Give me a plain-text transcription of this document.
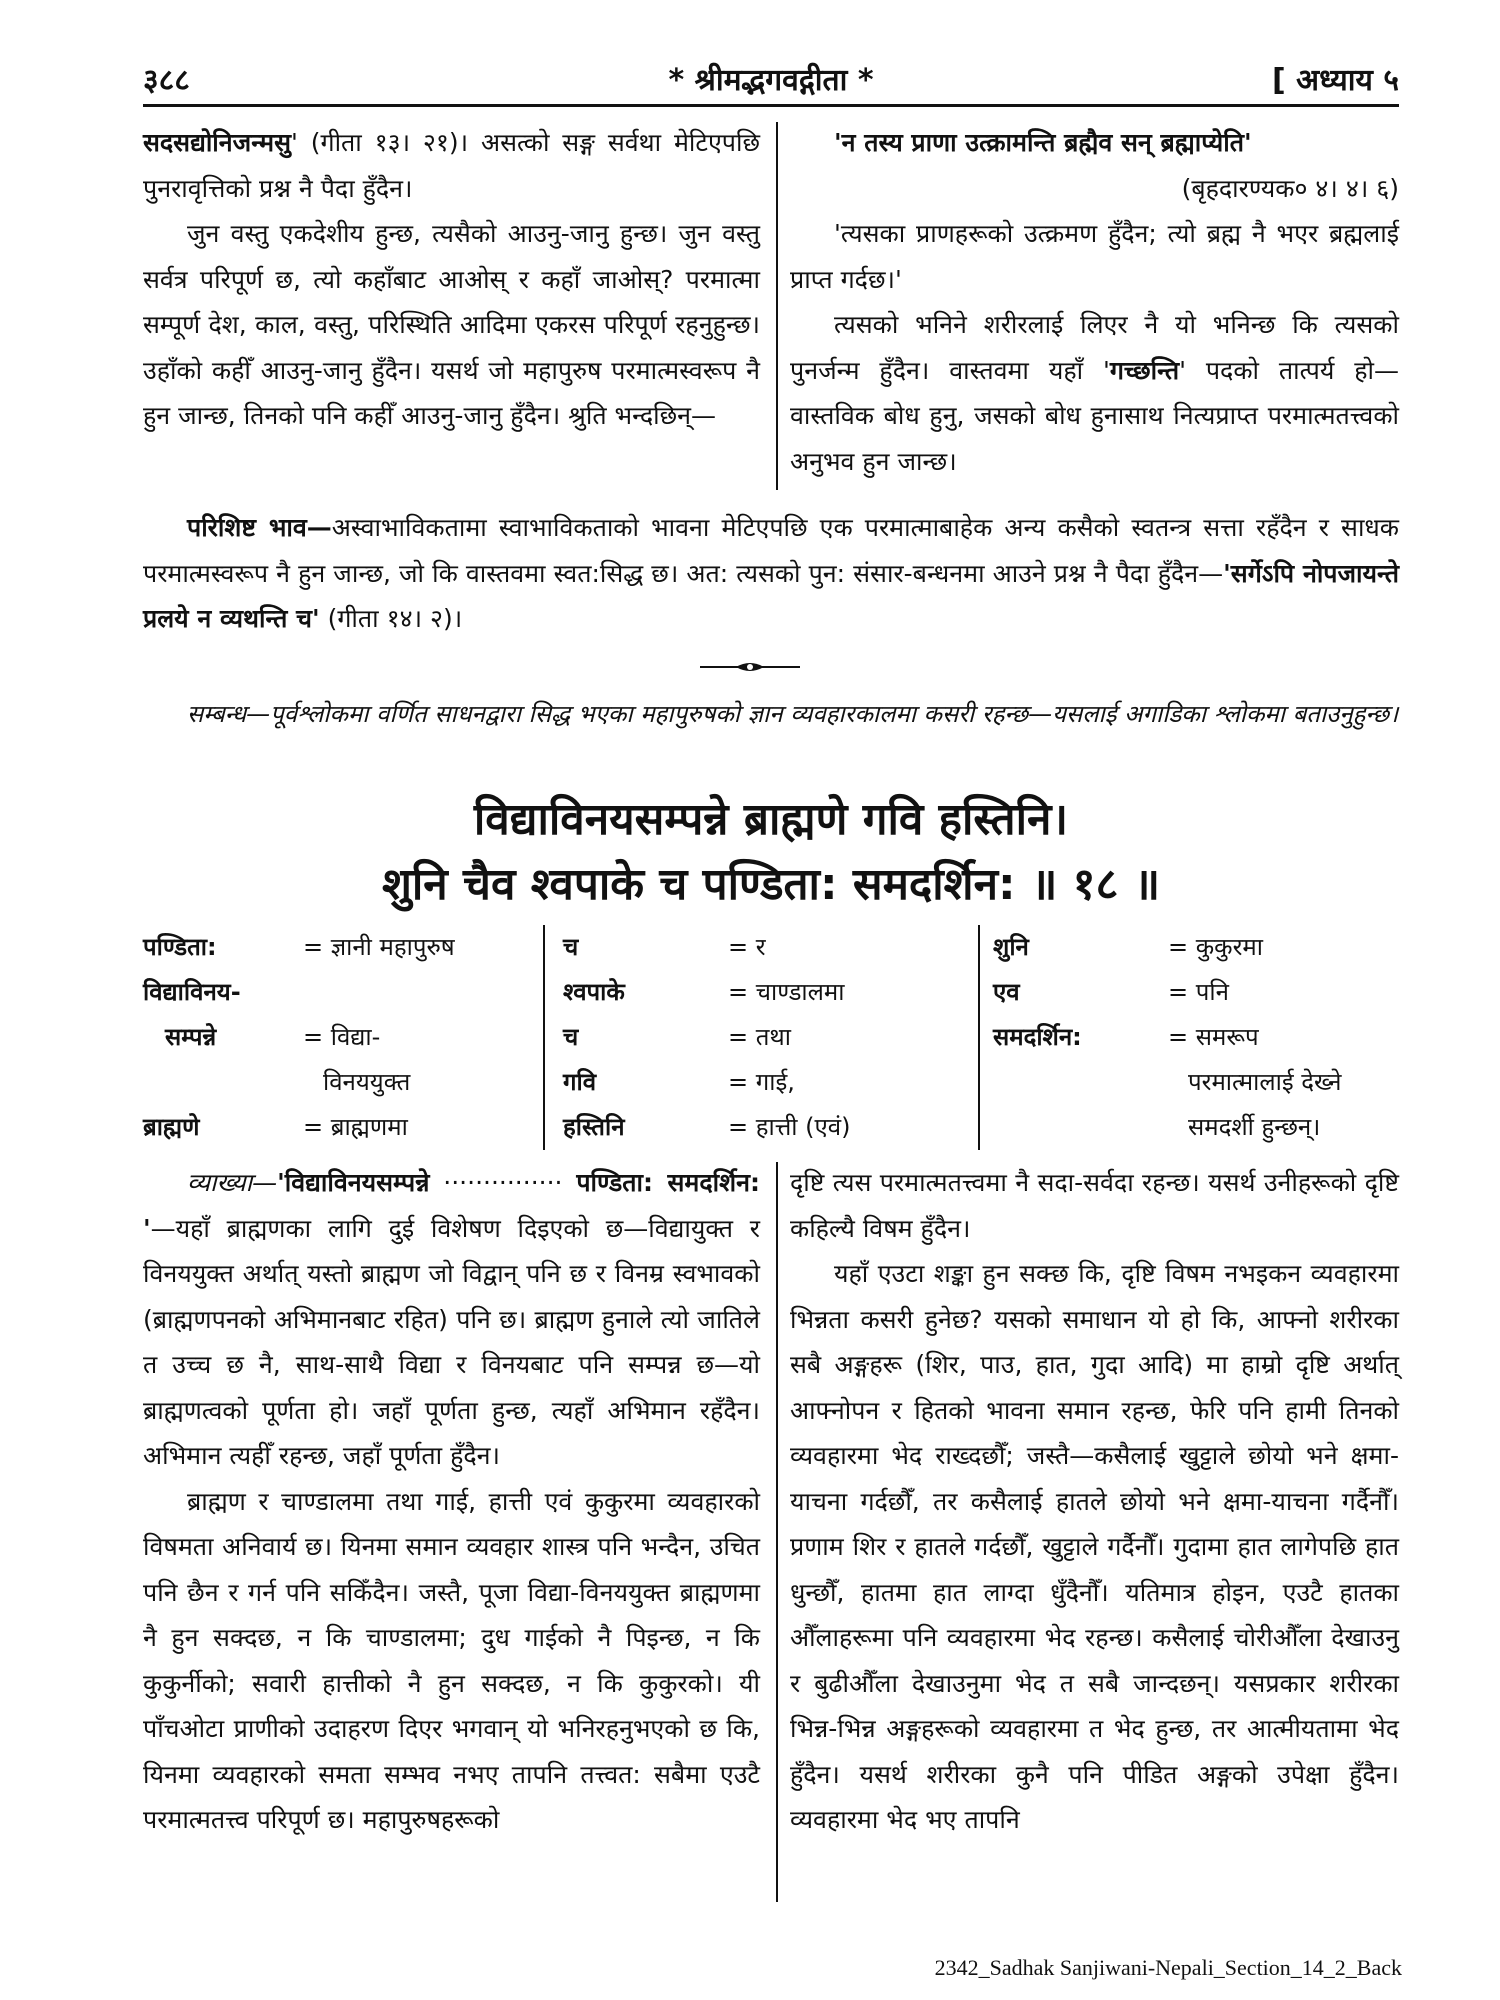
३८८	* श्रीमद्भगवद्गीता *	[ अध्याय ५

सदसद्योनिजन्मसु' (गीता १३। २१)। असत्को सङ्ग सर्वथा मेटिएपछि पुनरावृत्तिको प्रश्न नै पैदा हुँदैन।

जुन वस्तु एकदेशीय हुन्छ, त्यसैको आउनु-जानु हुन्छ। जुन वस्तु सर्वत्र परिपूर्ण छ, त्यो कहाँबाट आओस् र कहाँ जाओस्? परमात्मा सम्पूर्ण देश, काल, वस्तु, परिस्थिति आदिमा एकरस परिपूर्ण रहनुहुन्छ। उहाँको कहीँ आउनु-जानु हुँदैन। यसर्थ जो महापुरुष परमात्मस्वरूप नै हुन जान्छ, तिनको पनि कहीँ आउनु-जानु हुँदैन। श्रुति भन्दछिन्—

'न तस्य प्राणा उत्क्रामन्ति ब्रह्मैव सन् ब्रह्माप्येति'

(बृहदारण्यक० ४। ४। ६)

'त्यसका प्राणहरूको उत्क्रमण हुँदैन; त्यो ब्रह्म नै भएर ब्रह्मलाई प्राप्त गर्दछ।'

त्यसको भनिने शरीरलाई लिएर नै यो भनिन्छ कि त्यसको पुनर्जन्म हुँदैन। वास्तवमा यहाँ 'गच्छन्ति' पदको तात्पर्य हो—वास्तविक बोध हुनु, जसको बोध हुनासाथ नित्यप्राप्त परमात्मतत्त्वको अनुभव हुन जान्छ।

परिशिष्ट भाव—अस्वाभाविकतामा स्वाभाविकताको भावना मेटिएपछि एक परमात्माबाहेक अन्य कसैको स्वतन्त्र सत्ता रहँदैन र साधक परमात्मस्वरूप नै हुन जान्छ, जो कि वास्तवमा स्वत:सिद्ध छ। अत: त्यसको पुन: संसार-बन्धनमा आउने प्रश्न नै पैदा हुँदैन—'सर्गेऽपि नोपजायन्ते प्रलये न व्यथन्ति च' (गीता १४। २)।

सम्बन्ध—पूर्वश्लोकमा वर्णित साधनद्वारा सिद्ध भएका महापुरुषको ज्ञान व्यवहारकालमा कसरी रहन्छ—यसलाई अगाडिका श्लोकमा बताउनुहुन्छ।

विद्याविनयसम्पन्ने ब्राह्मणे गवि हस्तिनि।
शुनि चैव श्वपाके च पण्डिता: समदर्शिन: ॥ १८ ॥
पण्डिता:	= ज्ञानी महापुरुष
विद्याविनय-
सम्पन्ने	= विद्या-
विनययुक्त
ब्राह्मणे	= ब्राह्मणमा
च	= र
श्वपाके	= चाण्डालमा
च	= तथा
गवि	= गाई,
हस्तिनि	= हात्ती (एवं)
शुनि	= कुकुरमा
एव	= पनि
समदर्शिन:	= समरूप
परमात्मालाई देख्ने
समदर्शी हुन्छन्।

व्याख्या—'विद्याविनयसम्पन्ने ··············· पण्डिता: समदर्शिन: '—यहाँ ब्राह्मणका लागि दुई विशेषण दिइएको छ—विद्यायुक्त र विनययुक्त अर्थात् यस्तो ब्राह्मण जो विद्वान् पनि छ र विनम्र स्वभावको (ब्राह्मणपनको अभिमानबाट रहित) पनि छ। ब्राह्मण हुनाले त्यो जातिले त उच्च छ नै, साथ-साथै विद्या र विनयबाट पनि सम्पन्न छ—यो ब्राह्मणत्वको पूर्णता हो। जहाँ पूर्णता हुन्छ, त्यहाँ अभिमान रहँदैन। अभिमान त्यहीँ रहन्छ, जहाँ पूर्णता हुँदैन।

ब्राह्मण र चाण्डालमा तथा गाई, हात्ती एवं कुकुरमा व्यवहारको विषमता अनिवार्य छ। यिनमा समान व्यवहार शास्त्र पनि भन्दैन, उचित पनि छैन र गर्न पनि सकिँदैन। जस्तै, पूजा विद्या-विनययुक्त ब्राह्मणमा नै हुन सक्दछ, न कि चाण्डालमा; दुध गाईको नै पिइन्छ, न कि कुकुर्नीको; सवारी हात्तीको नै हुन सक्दछ, न कि कुकुरको। यी पाँचओटा प्राणीको उदाहरण दिएर भगवान् यो भनिरहनुभएको छ कि, यिनमा व्यवहारको समता सम्भव नभए तापनि तत्त्वत: सबैमा एउटै परमात्मतत्त्व परिपूर्ण छ। महापुरुषहरूको

दृष्टि त्यस परमात्मतत्त्वमा नै सदा-सर्वदा रहन्छ। यसर्थ उनीहरूको दृष्टि कहिल्यै विषम हुँदैन।

यहाँ एउटा शङ्का हुन सक्छ कि, दृष्टि विषम नभइकन व्यवहारमा भिन्नता कसरी हुनेछ? यसको समाधान यो हो कि, आफ्नो शरीरका सबै अङ्गहरू (शिर, पाउ, हात, गुदा आदि) मा हाम्रो दृष्टि अर्थात् आफ्नोपन र हितको भावना समान रहन्छ, फेरि पनि हामी तिनको व्यवहारमा भेद राख्दछौँ; जस्तै—कसैलाई खुट्टाले छोयो भने क्षमा-याचना गर्दछौँ, तर कसैलाई हातले छोयो भने क्षमा-याचना गर्दैनौँ। प्रणाम शिर र हातले गर्दछौँ, खुट्टाले गर्दैनौँ। गुदामा हात लागेपछि हात धुन्छौँ, हातमा हात लाग्दा धुँदैनौँ। यतिमात्र होइन, एउटै हातका औँलाहरूमा पनि व्यवहारमा भेद रहन्छ। कसैलाई चोरीऔँला देखाउनु र बुढीऔँला देखाउनुमा भेद त सबै जान्दछन्। यसप्रकार शरीरका भिन्न-भिन्न अङ्गहरूको व्यवहारमा त भेद हुन्छ, तर आत्मीयतामा भेद हुँदैन। यसर्थ शरीरका कुनै पनि पीडित अङ्गको उपेक्षा हुँदैन। व्यवहारमा भेद भए तापनि

2342_Sadhak Sanjiwani-Nepali_Section_14_2_Back
